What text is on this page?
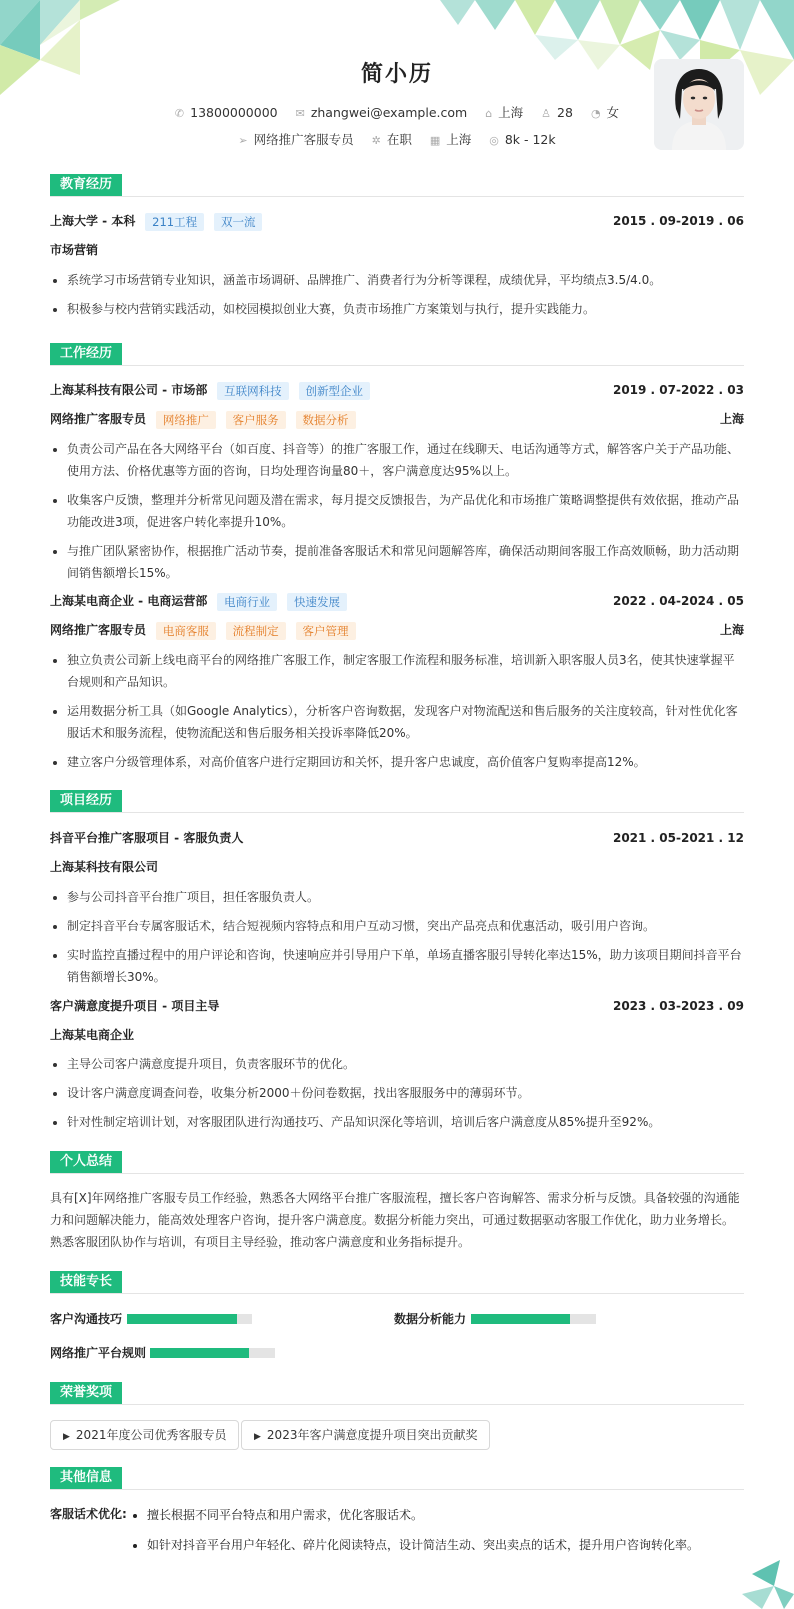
简小历
✆ 13800000000 ✉ zhangwei@example.com ⌂ 上海 ♙ 28 ◔ 女
➢ 网络推广客服专员 ✲ 在职 ▦ 上海 ◎ 8k - 12k
教育经历
上海大学 - 本科 211工程 双一流	2015 . 09-2019 . 06
市场营销
• 系统学习市场营销专业知识，涵盖市场调研、品牌推广、消费者行为分析等课程，成绩优异，平均绩点3.5/4.0。
• 积极参与校内营销实践活动，如校园模拟创业大赛，负责市场推广方案策划与执行，提升实践能力。
工作经历
上海某科技有限公司 - 市场部 互联网科技 创新型企业	2019 . 07-2022 . 03
网络推广客服专员 网络推广 客户服务 数据分析	上海
• 负责公司产品在各大网络平台（如百度、抖音等）的推广客服工作，通过在线聊天、电话沟通等方式，解答客户关于产品功能、使用方法、价格优惠等方面的咨询，日均处理咨询量80＋，客户满意度达95%以上。
• 收集客户反馈，整理并分析常见问题及潜在需求，每月提交反馈报告，为产品优化和市场推广策略调整提供有效依据，推动产品功能改进3项，促进客户转化率提升10%。
• 与推广团队紧密协作，根据推广活动节奏，提前准备客服话术和常见问题解答库，确保活动期间客服工作高效顺畅，助力活动期间销售额增长15%。
上海某电商企业 - 电商运营部 电商行业 快速发展	2022 . 04-2024 . 05
网络推广客服专员 电商客服 流程制定 客户管理	上海
• 独立负责公司新上线电商平台的网络推广客服工作，制定客服工作流程和服务标准，培训新入职客服人员3名，使其快速掌握平台规则和产品知识。
• 运用数据分析工具（如Google Analytics），分析客户咨询数据，发现客户对物流配送和售后服务的关注度较高，针对性优化客服话术和服务流程，使物流配送和售后服务相关投诉率降低20%。
• 建立客户分级管理体系，对高价值客户进行定期回访和关怀，提升客户忠诚度，高价值客户复购率提高12%。
项目经历
抖音平台推广客服项目 - 客服负责人	2021 . 05-2021 . 12
上海某科技有限公司
• 参与公司抖音平台推广项目，担任客服负责人。
• 制定抖音平台专属客服话术，结合短视频内容特点和用户互动习惯，突出产品亮点和优惠活动，吸引用户咨询。
• 实时监控直播过程中的用户评论和咨询，快速响应并引导用户下单，单场直播客服引导转化率达15%，助力该项目期间抖音平台销售额增长30%。
客户满意度提升项目 - 项目主导	2023 . 03-2023 . 09
上海某电商企业
• 主导公司客户满意度提升项目，负责客服环节的优化。
• 设计客户满意度调查问卷，收集分析2000＋份问卷数据，找出客服服务中的薄弱环节。
• 针对性制定培训计划，对客服团队进行沟通技巧、产品知识深化等培训，培训后客户满意度从85%提升至92%。
个人总结
具有[X]年网络推广客服专员工作经验，熟悉各大网络平台推广客服流程，擅长客户咨询解答、需求分析与反馈。具备较强的沟通能力和问题解决能力，能高效处理客户咨询，提升客户满意度。数据分析能力突出，可通过数据驱动客服工作优化，助力业务增长。熟悉客服团队协作与培训，有项目主导经验，推动客户满意度和业务指标提升。
技能专长
客户沟通技巧	数据分析能力
网络推广平台规则
荣誉奖项
▶ 2021年度公司优秀客服专员	▶ 2023年客户满意度提升项目突出贡献奖
其他信息
客服话术优化:
• 擅长根据不同平台特点和用户需求，优化客服话术。
• 如针对抖音平台用户年轻化、碎片化阅读特点，设计简洁生动、突出卖点的话术，提升用户咨询转化率。
